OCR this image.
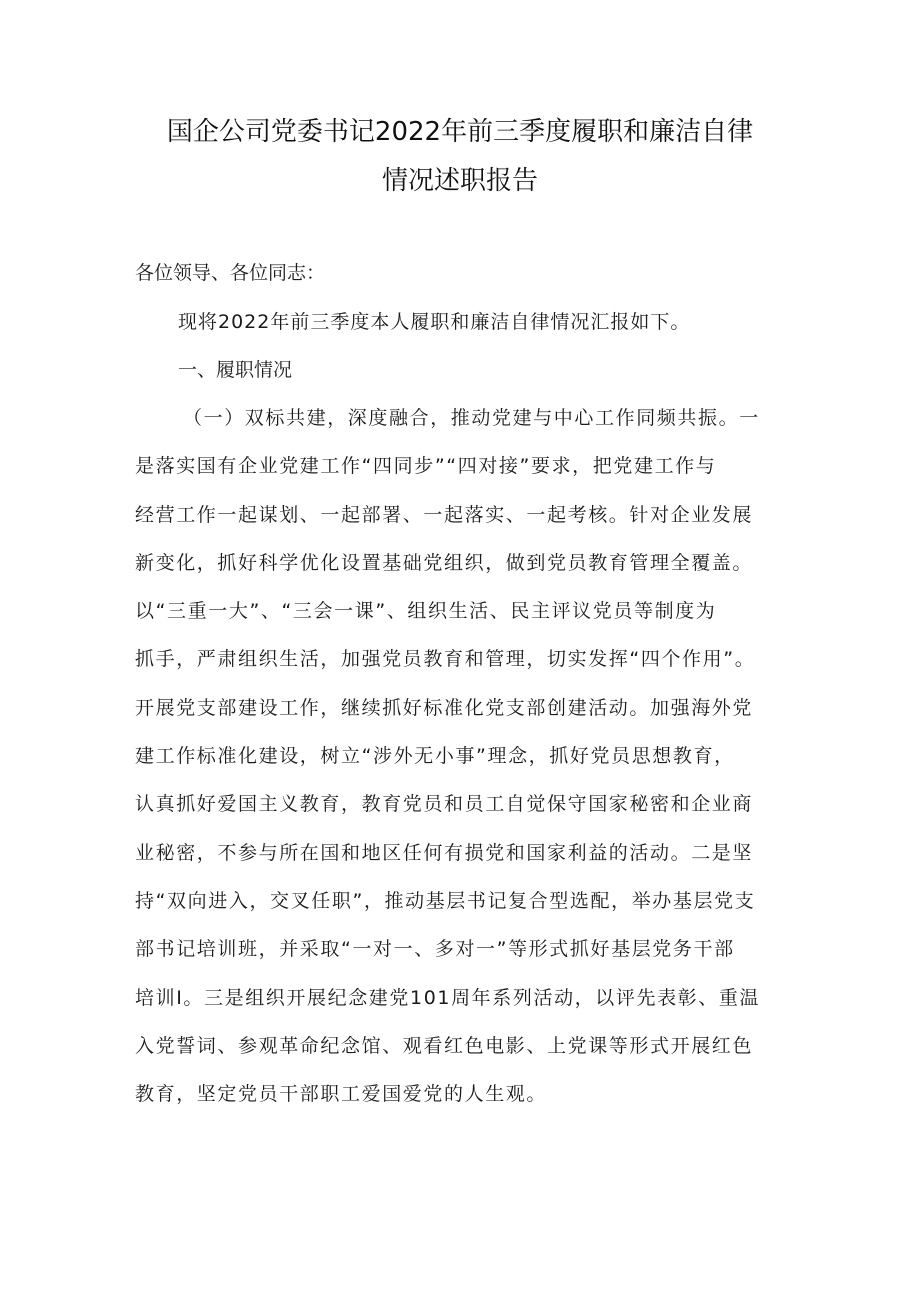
国企公司党委书记2022年前三季度履职和廉洁自律
情况述职报告
各位领导、各位同志：
现将2022年前三季度本人履职和廉洁自律情况汇报如下。
一、履职情况
（一）双标共建，深度融合，推动党建与中心工作同频共振。一
是落实国有企业党建工作“四同步”“四对接”要求，把党建工作与
经营工作一起谋划、一起部署、一起落实、一起考核。针对企业发展
新变化，抓好科学优化设置基础党组织，做到党员教育管理全覆盖。
以“三重一大”、“三会一课”、组织生活、民主评议党员等制度为
抓手，严肃组织生活，加强党员教育和管理，切实发挥“四个作用”。
开展党支部建设工作，继续抓好标准化党支部创建活动。加强海外党
建工作标准化建设，树立“涉外无小事”理念，抓好党员思想教育，
认真抓好爱国主义教育，教育党员和员工自觉保守国家秘密和企业商
业秘密，不参与所在国和地区任何有损党和国家利益的活动。二是坚
持“双向进入，交叉任职”，推动基层书记复合型选配，举办基层党支
部书记培训班，并采取“一对一、多对一”等形式抓好基层党务干部
培训I。三是组织开展纪念建党101周年系列活动，以评先表彰、重温
入党誓词、参观革命纪念馆、观看红色电影、上党课等形式开展红色
教育，坚定党员干部职工爱国爱党的人生观。
